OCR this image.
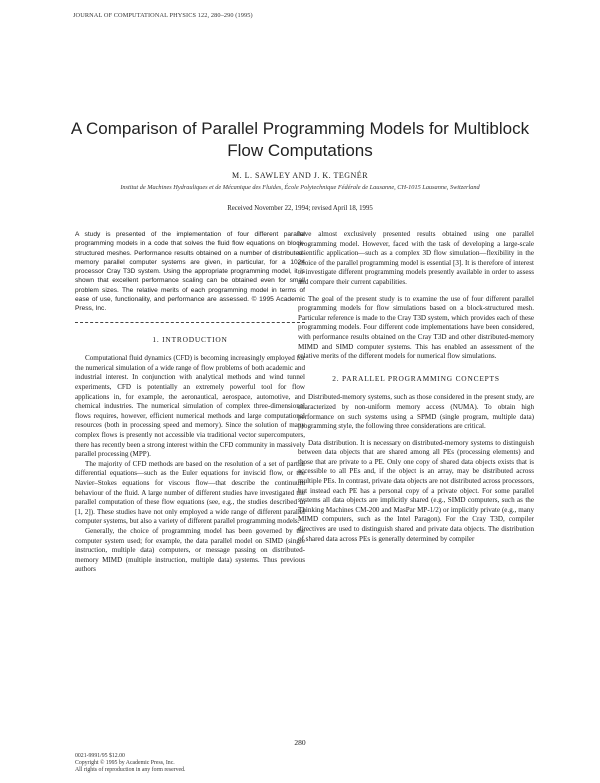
JOURNAL OF COMPUTATIONAL PHYSICS 122, 280–290 (1995)
A Comparison of Parallel Programming Models for Multiblock Flow Computations
M. L. SAWLEY AND J. K. TEGNÉR
Institut de Machines Hydrauliques et de Mécanique des Fluides, École Polytechnique Fédérale de Lausanne, CH-1015 Lausanne, Switzerland
Received November 22, 1994; revised April 18, 1995
A study is presented of the implementation of four different parallel programming models in a code that solves the fluid flow equations on block-structured meshes. Performance results obtained on a number of distributed-memory parallel computer systems are given, in particular, for a 1024 processor Cray T3D system. Using the appropriate programming model, it is shown that excellent performance scaling can be obtained even for small problem sizes. The relative merits of each programming model in terms of ease of use, functionality, and performance are assessed. © 1995 Academic Press, Inc.
1. INTRODUCTION

Computational fluid dynamics (CFD) is becoming increasingly employed for the numerical simulation of a wide range of flow problems of both academic and industrial interest. In conjunction with analytical methods and wind tunnel experiments, CFD is potentially an extremely powerful tool for flow applications in, for example, the aeronautical, aerospace, automotive, and chemical industries. The numerical simulation of complex three-dimensional flows requires, however, efficient numerical methods and large computational resources (both in processing speed and memory). Since the solution of many complex flows is presently not accessible via traditional vector supercomputers, there has recently been a strong interest within the CFD community in massively parallel processing (MPP).

The majority of CFD methods are based on the resolution of a set of partial differential equations—such as the Euler equations for inviscid flow, or the Navier–Stokes equations for viscous flow—that describe the continuum behaviour of the fluid. A large number of different studies have investigated the parallel computation of these flow equations (see, e.g., the studies described in [1, 2]). These studies have not only employed a wide range of different parallel computer systems, but also a variety of different parallel programming models.

Generally, the choice of programming model has been governed by the computer system used; for example, the data parallel model on SIMD (single instruction, multiple data) computers, or message passing on distributed-memory MIMD (multiple instruction, multiple data) systems. Thus previous authors

have almost exclusively presented results obtained using one parallel programming model. However, faced with the task of developing a large-scale scientific application—such as a complex 3D flow simulation—flexibility in the choice of the parallel programming model is essential [3]. It is therefore of interest to investigate different programming models presently available in order to assess and compare their current capabilities.

The goal of the present study is to examine the use of four different parallel programming models for flow simulations based on a block-structured mesh. Particular reference is made to the Cray T3D system, which provides each of these programming models. Four different code implementations have been considered, with performance results obtained on the Cray T3D and other distributed-memory MIMD and SIMD computer systems. This has enabled an assessment of the relative merits of the different models for numerical flow simulations.

2. PARALLEL PROGRAMMING CONCEPTS

Distributed-memory systems, such as those considered in the present study, are characterized by non-uniform memory access (NUMA). To obtain high performance on such systems using a SPMD (single program, multiple data) programming style, the following three considerations are critical.

Data distribution. It is necessary on distributed-memory systems to distinguish between data objects that are shared among all PEs (processing elements) and those that are private to a PE. Only one copy of shared data objects exists that is accessible to all PEs and, if the object is an array, may be distributed across multiple PEs. In contrast, private data objects are not distributed across processors, but instead each PE has a personal copy of a private object. For some parallel systems all data objects are implicitly shared (e.g., SIMD computers, such as the Thinking Machines CM-200 and MasPar MP-1/2) or implicitly private (e.g., many MIMD computers, such as the Intel Paragon). For the Cray T3D, compiler directives are used to distinguish shared and private data objects. The distribution of shared data across PEs is generally determined by compiler

280
0021-9991/95 $12.00
Copyright © 1995 by Academic Press, Inc.
All rights of reproduction in any form reserved.
